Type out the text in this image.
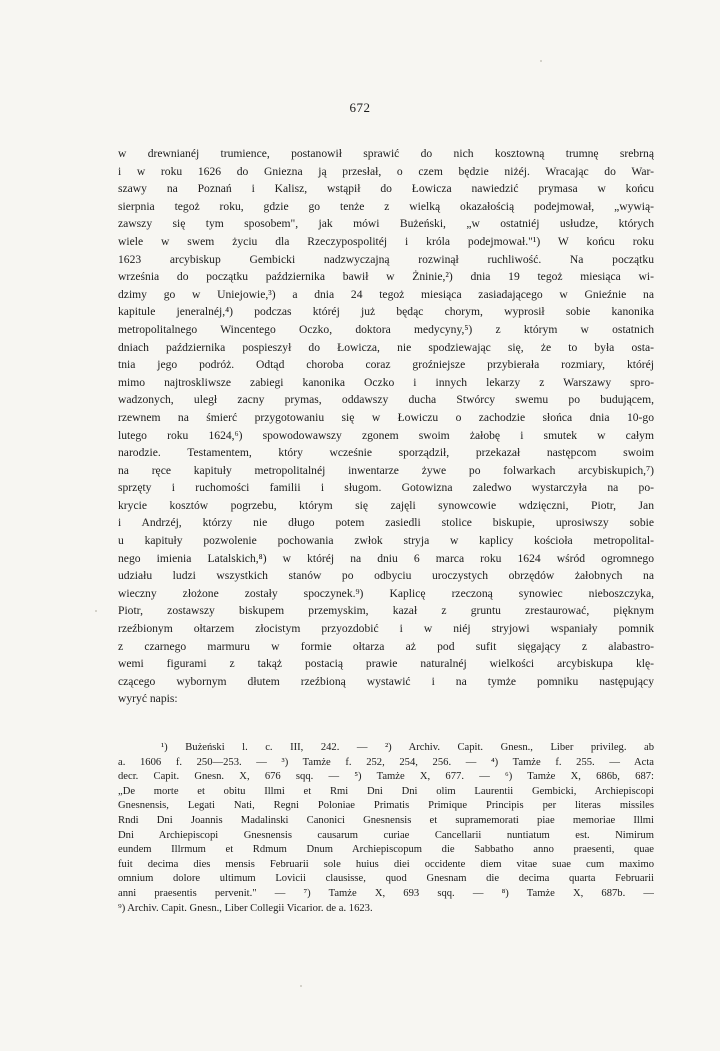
672
w drewnianéj trumience, postanowił sprawić do nich kosztowną trumnę srebrną
i w roku 1626 do Gniezna ją przesłał, o czem będzie niżéj. Wracając do War-
szawy na Poznań i Kalisz, wstąpił do Łowicza nawiedzić prymasa w końcu
sierpnia tegoż roku, gdzie go tenże z wielką okazałością podejmował, „wywią-
zawszy się tym sposobem", jak mówi Bużeński, „w ostatniéj usłudze, których
wiele w swem życiu dla Rzeczypospolitéj i króla podejmował."¹) W końcu roku
1623 arcybiskup Gembicki nadzwyczajną rozwinął ruchliwość. Na początku
września do początku października bawił w Żninie,²) dnia 19 tegoż miesiąca wi-
dzimy go w Uniejowie,³) a dnia 24 tegoż miesiąca zasiadającego w Gnieźnie na
kapitule jeneralnéj,⁴) podczas któréj już będąc chorym, wyprosił sobie kanonika
metropolitalnego Wincentego Oczko, doktora medycyny,⁵) z którym w ostatnich
dniach października pospieszył do Łowicza, nie spodziewając się, że to była osta-
tnia jego podróż. Odtąd choroba coraz groźniejsze przybierała rozmiary, któréj
mimo najtroskliwsze zabiegi kanonika Oczko i innych lekarzy z Warszawy spro-
wadzonych, uległ zacny prymas, oddawszy ducha Stwórcy swemu po budującem,
rzewnem na śmierć przygotowaniu się w Łowiczu o zachodzie słońca dnia 10-go
lutego roku 1624,⁶) spowodowawszy zgonem swoim żałobę i smutek w całym
narodzie. Testamentem, który wcześnie sporządził, przekazał następcom swoim
na ręce kapituły metropolitalnéj inwentarze żywe po folwarkach arcybiskupich,⁷)
sprzęty i ruchomości familii i sługom. Gotowizna zaledwo wystarczyła na po-
krycie kosztów pogrzebu, którym się zajęli synowcowie wdzięczni, Piotr, Jan
i Andrzéj, którzy nie długo potem zasiedli stolice biskupie, uprosiwszy sobie
u kapituły pozwolenie pochowania zwłok stryja w kaplicy kościoła metropolital-
nego imienia Latalskich,⁸) w któréj na dniu 6 marca roku 1624 wśród ogromnego
udziału ludzi wszystkich stanów po odbyciu uroczystych obrzędów żałobnych na
wieczny złożone zostały spoczynek.⁹) Kaplicę rzeczoną synowiec nieboszczyka,
Piotr, zostawszy biskupem przemyskim, kazał z gruntu zrestaurować, pięknym
rzeźbionym ołtarzem złocistym przyozdobić i w niéj stryjowi wspaniały pomnik
z czarnego marmuru w formie ołtarza aż pod sufit sięgający z alabastro-
wemi figurami z takąż postacią prawie naturalnéj wielkości arcybiskupa klę-
czącego wybornym dłutem rzeźbioną wystawić i na tymże pomniku następujący
wyryć napis:
¹) Bużeński l. c. III, 242. — ²) Archiv. Capit. Gnesn., Liber privileg. ab
a. 1606 f. 250—253. — ³) Tamże f. 252, 254, 256. — ⁴) Tamże f. 255. — Acta
decr. Capit. Gnesn. X, 676 sqq. — ⁵) Tamże X, 677. — ⁶) Tamże X, 686b, 687:
„De morte et obitu Illmi et Rmi Dni Dni olim Laurentii Gembicki, Archiepiscopi
Gnesnensis, Legati Nati, Regni Poloniae Primatis Primique Principis per literas missiles
Rndi Dni Joannis Madalinski Canonici Gnesnensis et supramemorati piae memoriae Illmi
Dni Archiepiscopi Gnesnensis causarum curiae Cancellarii nuntiatum est. Nimirum
eundem Illrmum et Rdmum Dnum Archiepiscopum die Sabbatho anno praesenti, quae
fuit decima dies mensis Februarii sole huius diei occidente diem vitae suae cum maximo
omnium dolore ultimum Lovicii clausisse, quod Gnesnam die decima quarta Februarii
anni praesentis pervenit." — ⁷) Tamże X, 693 sqq. — ⁸) Tamże X, 687b. —
⁹) Archiv. Capit. Gnesn., Liber Collegii Vicarior. de a. 1623.
